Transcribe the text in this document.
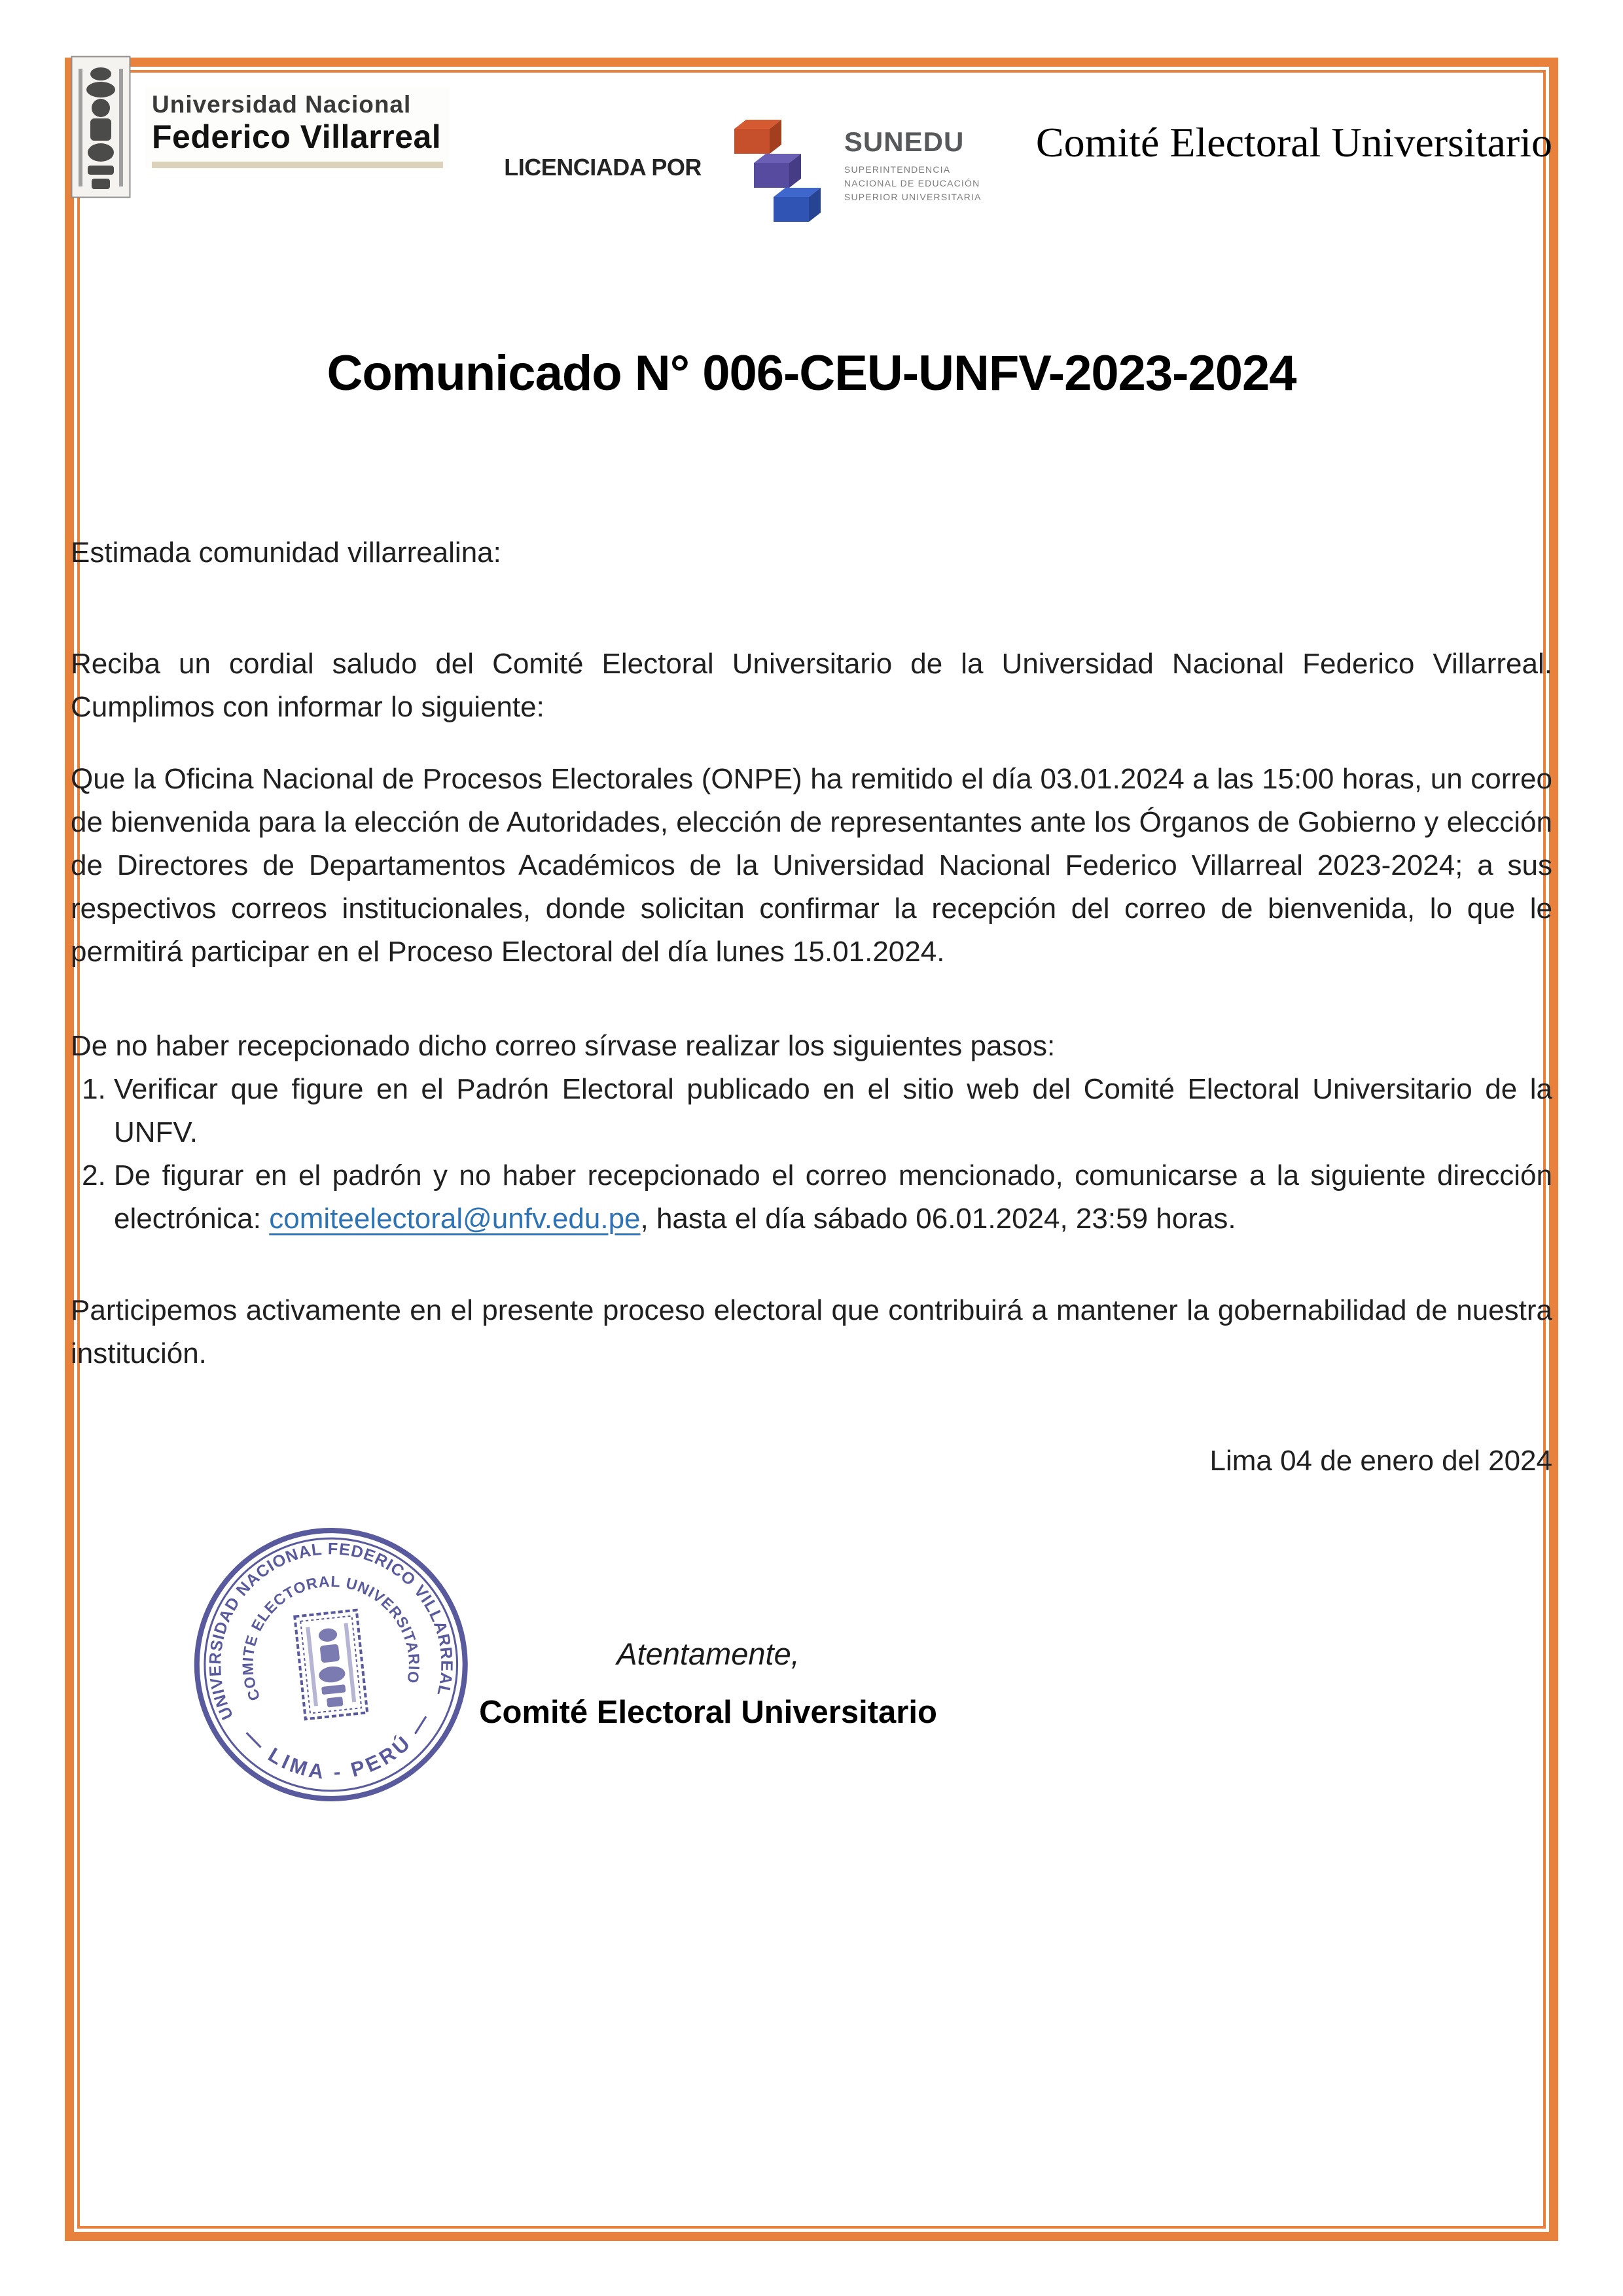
Universidad Nacional
Federico Villarreal
LICENCIADA POR
SUNEDU
SUPERINTENDENCIA
NACIONAL DE EDUCACIÓN
SUPERIOR UNIVERSITARIA
Comité Electoral Universitario
Comunicado N° 006-CEU-UNFV-2023-2024

Estimada comunidad villarrealina:

Reciba un cordial saludo del Comité Electoral Universitario de la Universidad Nacional Federico Villarreal. Cumplimos con informar lo siguiente:

Que la Oficina Nacional de Procesos Electorales (ONPE) ha remitido el día 03.01.2024 a las 15:00 horas, un correo de bienvenida para la elección de Autoridades, elección de representantes ante los Órganos de Gobierno y elección de Directores de Departamentos Académicos de la Universidad Nacional Federico Villarreal 2023-2024; a sus respectivos correos institucionales, donde solicitan confirmar la recepción del correo de bienvenida, lo que le permitirá participar en el Proceso Electoral del día lunes 15.01.2024.

De no haber recepcionado dicho correo sírvase realizar los siguientes pasos:

1. Verificar que figure en el Padrón Electoral publicado en el sitio web del Comité Electoral Universitario de la UNFV.
2. De figurar en el padrón y no haber recepcionado el correo mencionado, comunicarse a la siguiente dirección electrónica: comiteelectoral@unfv.edu.pe, hasta el día sábado 06.01.2024, 23:59 horas.

Participemos activamente en el presente proceso electoral que contribuirá a mantener la gobernabilidad de nuestra institución.

Lima 04 de enero del 2024

UNIVERSIDAD NACIONAL FEDERICO VILLARREAL
COMITE ELECTORAL UNIVERSITARIO
— LIMA - PERÚ —
Atentamente,
Comité Electoral Universitario
